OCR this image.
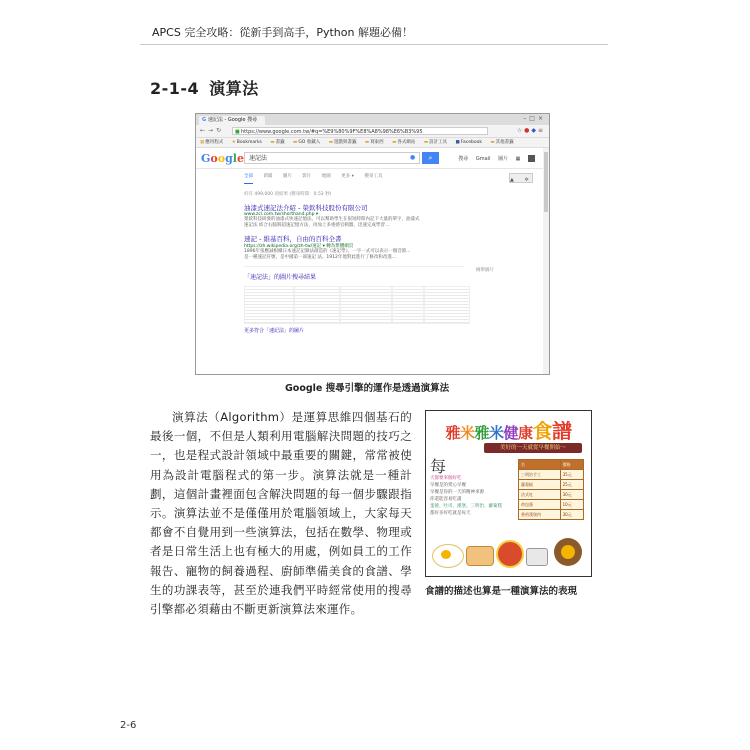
APCS 完全攻略：從新手到高手，Python 解題必備！
2-1-4 演算法
G 速記法 - Google 搜尋	–□×
←→↻ ■ https://www.google.com.tw/#q=%E9%80%9F%E8%A8%98%E6%B3%95	☆●◆≡
▦應用程式 ★Bookmarks ▬書籤 ▬GO 收藏入 ▬遊戲與書籤 ▬寫東西 ▬各式網站 ▬設計工具 ■Facebook ▬其他書籤
Google 速記法	●	⌕	搜尋 Gmail 圖片 ▦
全部 新聞 圖片 影片 地圖 更多 ▾ 搜尋工具
▲ ✲
約有 499,000 項結果 (搜尋時間：0.53 秒)
油漆式速記法介紹 - 榮欽科技股份有限公司
www.zcl.com.tw/shorthand.php ▾
榮欽科技研發的油漆式快速記憶法，可以幫助學生在很短時間內記下大量的單字，油漆式
速記法 結合右腦與超速記憶方法，再加上多重感官刺激，迅速完成學習...
速記 - 維基百科，自由的百科全書
https://zh.wikipedia.org/zh-tw/速記 ▾ 轉為繁體網頁
1896年張應誠根據日本速記記錄法創造的《速記學》，一字一式可以表示一個音節...
是一種速記符號，是中國第一部速記 法。1912年他對此進行了修改和改進...
「速記法」的圖片搜尋結果
檢舉圖片
更多符合「速記法」的圖片
Google 搜尋引擎的運作是透過演算法
演算法（Algorithm）是運算思維四個基石的最後一個，不但是人類利用電腦解決問題的技巧之一，也是程式設計領域中最重要的關鍵，常常被使用為設計電腦程式的第一步。演算法就是一種計劃，這個計畫裡面包含解決問題的每一個步驟跟指示。演算法並不是僅僅用於電腦領域上，大家每天都會不自覺用到一些演算法，包括在數學、物理或者是日常生活上也有極大的用處，例如員工的工作報告、寵物的飼養過程、廚師準備美食的食譜、學生的功課表等，甚至於連我們平時經常使用的搜尋引擎都必須藉由不斷更新演算法來運作。
雅米雅米健康食譜
美好的一天就從早餐開始～
每
天都要來個好吃
早餐是的愛心早餐
早餐是你的一天的精神來源
你還能容易吃滿
蛋捲、吐司、漢堡、三明治、蘿蔔糕
都好多好吃就是每天
名	價格
三明治手工	35元
蘿蔔糕	25元
法式吐	30元
荷包蛋	10元
香煎漢堡肉	30元
食譜的描述也算是一種演算法的表現
2-6
